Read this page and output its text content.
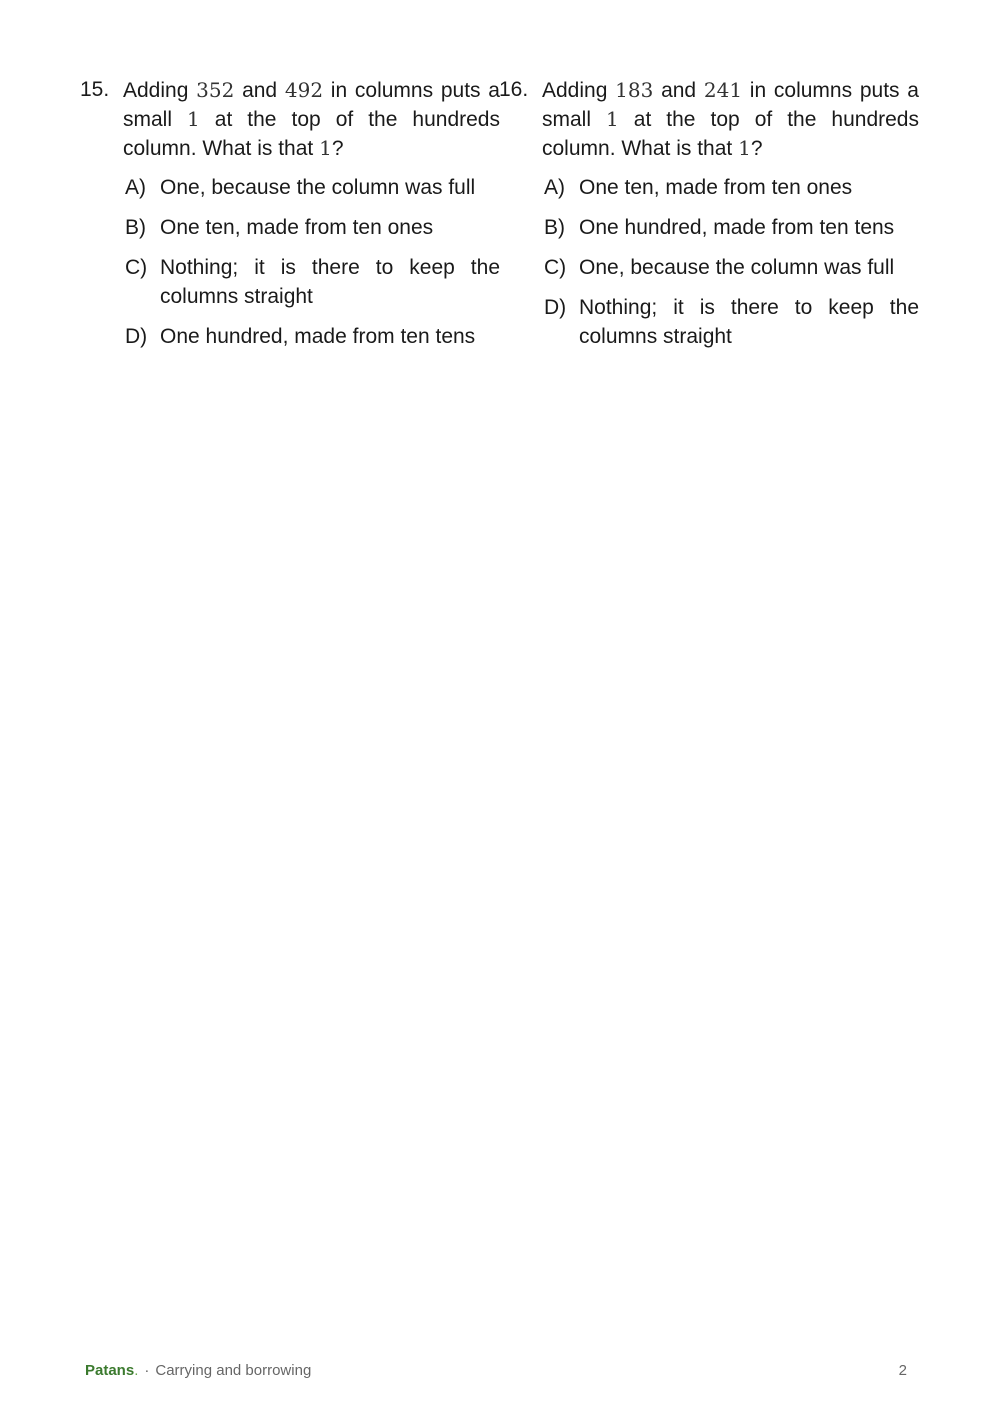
15. Adding 352 and 492 in columns puts a small 1 at the top of the hundreds column. What is that 1?
A) One, because the column was full
B) One ten, made from ten ones
C) Nothing; it is there to keep the columns straight
D) One hundred, made from ten tens
16. Adding 183 and 241 in columns puts a small 1 at the top of the hundreds column. What is that 1?
A) One ten, made from ten ones
B) One hundred, made from ten tens
C) One, because the column was full
D) Nothing; it is there to keep the columns straight
Patans. · Carrying and borrowing	2
